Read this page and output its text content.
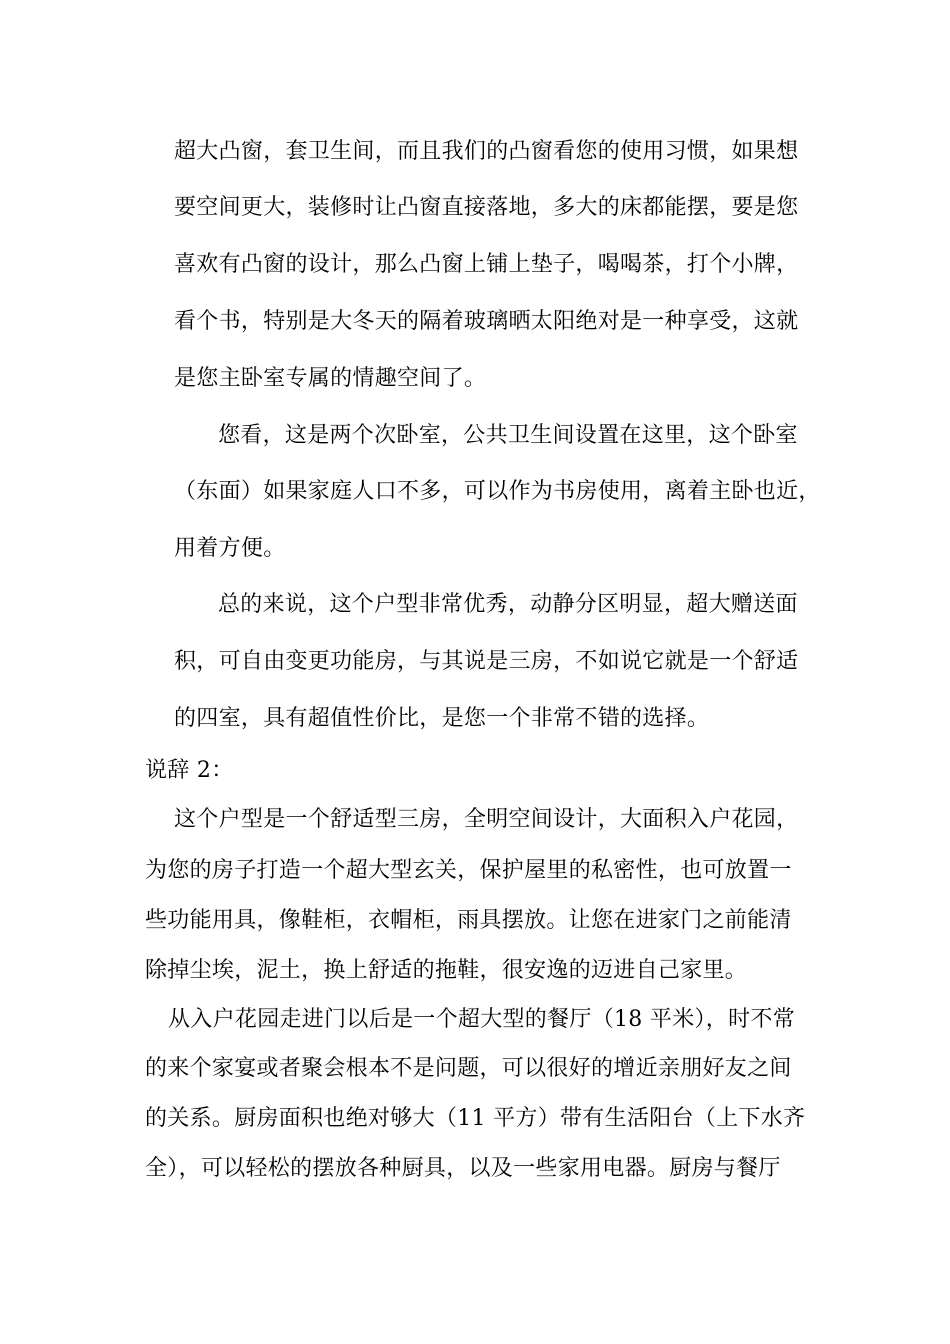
超大凸窗，套卫生间，而且我们的凸窗看您的使用习惯，如果想

要空间更大，装修时让凸窗直接落地，多大的床都能摆，要是您

喜欢有凸窗的设计，那么凸窗上铺上垫子，喝喝茶，打个小牌，

看个书，特别是大冬天的隔着玻璃晒太阳绝对是一种享受，这就

是您主卧室专属的情趣空间了。

您看，这是两个次卧室，公共卫生间设置在这里，这个卧室

（东面）如果家庭人口不多，可以作为书房使用，离着主卧也近，

用着方便。

总的来说，这个户型非常优秀，动静分区明显，超大赠送面

积，可自由变更功能房，与其说是三房，不如说它就是一个舒适

的四室，具有超值性价比，是您一个非常不错的选择。

说辞 2：

这个户型是一个舒适型三房，全明空间设计，大面积入户花园，

为您的房子打造一个超大型玄关，保护屋里的私密性，也可放置一

些功能用具，像鞋柜，衣帽柜，雨具摆放。让您在进家门之前能清

除掉尘埃，泥土，换上舒适的拖鞋，很安逸的迈进自己家里。

从入户花园走进门以后是一个超大型的餐厅（18 平米），时不常

的来个家宴或者聚会根本不是问题，可以很好的增近亲朋好友之间

的关系。厨房面积也绝对够大（11 平方）带有生活阳台（上下水齐

全），可以轻松的摆放各种厨具，以及一些家用电器。厨房与餐厅
